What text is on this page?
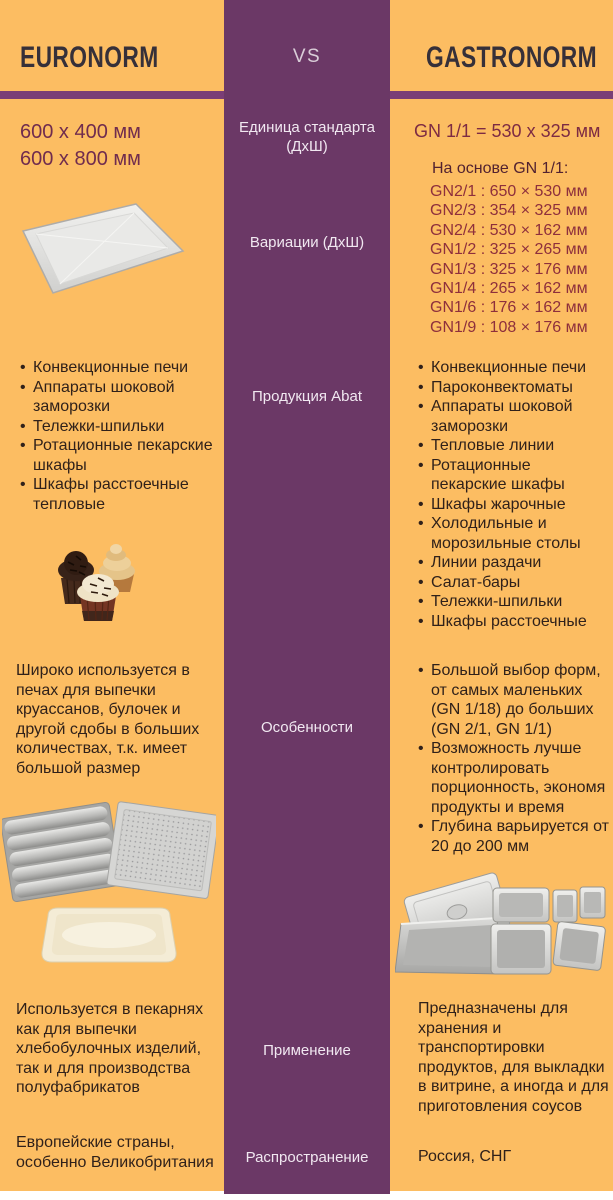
EURONORM
600 x 400 мм
600 x 800 мм
• Конвекционные печи
• Аппараты шоковой заморозки
• Тележки-шпильки
• Ротационные пекарские шкафы
• Шкафы расстоечные тепловые

Широко используется в печах для выпечки круассанов, булочек и другой сдобы в больших количествах, т.к. имеет большой размер

Используется в пекарнях как для выпечки хлебобулочных изделий, так и для производства полуфабрикатов

Европейские страны, особенно Великобритания

VS
Единица стандарта (ДхШ)
Вариации (ДхШ)
Продукция Abat
Особенности
Применение
Распространение
GASTRONORM

GN 1/1 = 530 x 325 мм

На основе GN 1/1:

GN2/1 : 650 × 530 мм
GN2/3 : 354 × 325 мм
GN2/4 : 530 × 162 мм
GN1/2 : 325 × 265 мм
GN1/3 : 325 × 176 мм
GN1/4 : 265 × 162 мм
GN1/6 : 176 × 162 мм
GN1/9 : 108 × 176 мм
• Конвекционные печи
• Пароконвектоматы
• Аппараты шоковой заморозки
• Тепловые линии
• Ротационные пекарские шкафы
• Шкафы жарочные
• Холодильные и морозильные столы
• Линии раздачи
• Салат-бары
• Тележки-шпильки
• Шкафы расстоечные
• Большой выбор форм, от самых маленьких (GN 1/18) до больших (GN 2/1, GN 1/1)
• Возможность лучше контролировать порционность, экономя продукты и время
• Глубина варьируется от 20 до 200 мм

Предназначены для хранения и транспортировки продуктов, для выкладки в витрине, а иногда и для приготовления соусов

Россия, СНГ
